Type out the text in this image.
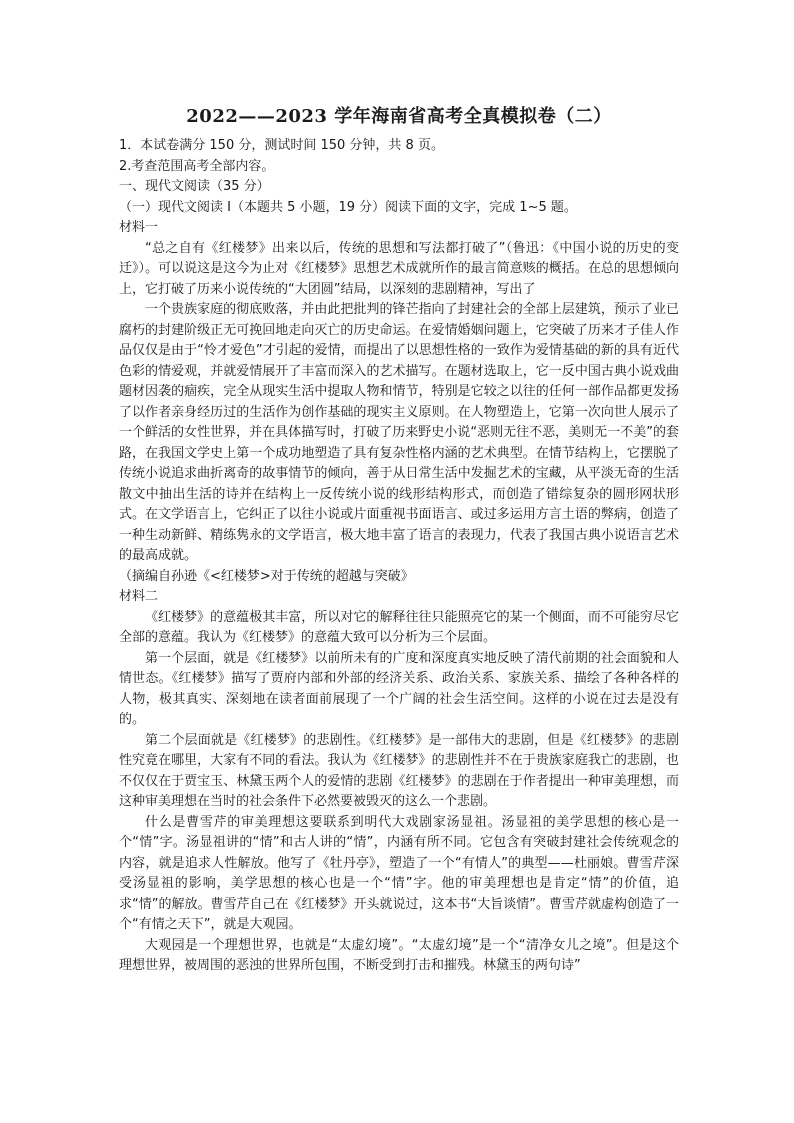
2022——2023 学年海南省高考全真模拟卷（二）

1．本试卷满分 150 分，测试时间 150 分钟，共 8 页。

2.考查范围高考全部内容。

一、现代文阅读（35 分）

（一）现代文阅读 I（本题共 5 小题，19 分）阅读下面的文字，完成 1~5 题。

材料一

“总之自有《红楼梦》出来以后，传统的思想和写法都打破了”（鲁迅：《中国小说的历史的变迁》）。可以说这是这今为止对《红楼梦》思想艺术成就所作的最言简意赅的概括。在总的思想倾向上，它打破了历来小说传统的“大团圆”结局，以深刻的悲剧精神，写出了

一个贵族家庭的彻底败落，并由此把批判的锋芒指向了封建社会的全部上层建筑，预示了业已腐朽的封建阶级正无可挽回地走向灭亡的历史命运。在爱情婚姻问题上，它突破了历来才子佳人作品仅仅是由于“怜才爱色”才引起的爱情，而提出了以思想性格的一致作为爱情基础的新的具有近代色彩的情爱观，并就爱情展开了丰富而深入的艺术描写。在题材选取上，它一反中国古典小说戏曲题材因袭的痼疾，完全从现实生活中提取人物和情节，特别是它较之以往的任何一部作品都更发扬了以作者亲身经历过的生活作为创作基础的现实主义原则。在人物塑造上，它第一次向世人展示了一个鲜活的女性世界，并在具体描写时，打破了历来野史小说“恶则无往不恶，美则无一不美”的套路，在我国文学史上第一个成功地塑造了具有复杂性格内涵的艺术典型。在情节结构上，它摆脱了传统小说追求曲折离奇的故事情节的倾向，善于从日常生活中发掘艺术的宝藏，从平淡无奇的生活散文中抽出生活的诗并在结构上一反传统小说的线形结构形式，而创造了错综复杂的圆形网状形式。在文学语言上，它纠正了以往小说或片面重视书面语言、或过多运用方言土语的弊病，创造了一种生动新鲜、精练隽永的文学语言，极大地丰富了语言的表现力，代表了我国古典小说语言艺术的最高成就。

（摘编自孙逊《<红楼梦>对于传统的超越与突破》

材料二

《红楼梦》的意蕴极其丰富，所以对它的解释往往只能照亮它的某一个侧面，而不可能穷尽它全部的意蕴。我认为《红楼梦》的意蕴大致可以分析为三个层面。

第一个层面，就是《红楼梦》以前所未有的广度和深度真实地反映了清代前期的社会面貌和人情世态。《红楼梦》描写了贾府内部和外部的经济关系、政治关系、家族关系、描绘了各种各样的人物，极其真实、深刻地在读者面前展现了一个广阔的社会生活空间。这样的小说在过去是没有的。

第二个层面就是《红楼梦》的悲剧性。《红楼梦》是一部伟大的悲剧，但是《红楼梦》的悲剧性究竟在哪里，大家有不同的看法。我认为《红楼梦》的悲剧性并不在于贵族家庭我亡的悲剧，也不仅仅在于贾宝玉、林黛玉两个人的爱情的悲剧《红楼梦》的悲剧在于作者提出一种审美理想，而这种审美理想在当时的社会条件下必然要被毁灭的这么一个悲剧。

什么是曹雪芹的审美理想这要联系到明代大戏剧家汤显祖。汤显祖的美学思想的核心是一个“情”字。汤显祖讲的“情”和古人讲的“情”，内涵有所不同。它包含有突破封建社会传统观念的内容，就是追求人性解放。他写了《牡丹亭》，塑造了一个“有情人”的典型——杜丽娘。曹雪芹深受汤显祖的影响，美学思想的核心也是一个“情”字。他的审美理想也是肯定“情”的价值，追求“情”的解放。曹雪芹自己在《红楼梦》开头就说过，这本书“大旨谈情”。曹雪芹就虚构创造了一个“有情之天下”，就是大观园。

大观园是一个理想世界，也就是“太虚幻境”。“太虚幻境”是一个“清净女儿之境”。但是这个理想世界，被周围的恶浊的世界所包围，不断受到打击和摧残。林黛玉的两句诗”
